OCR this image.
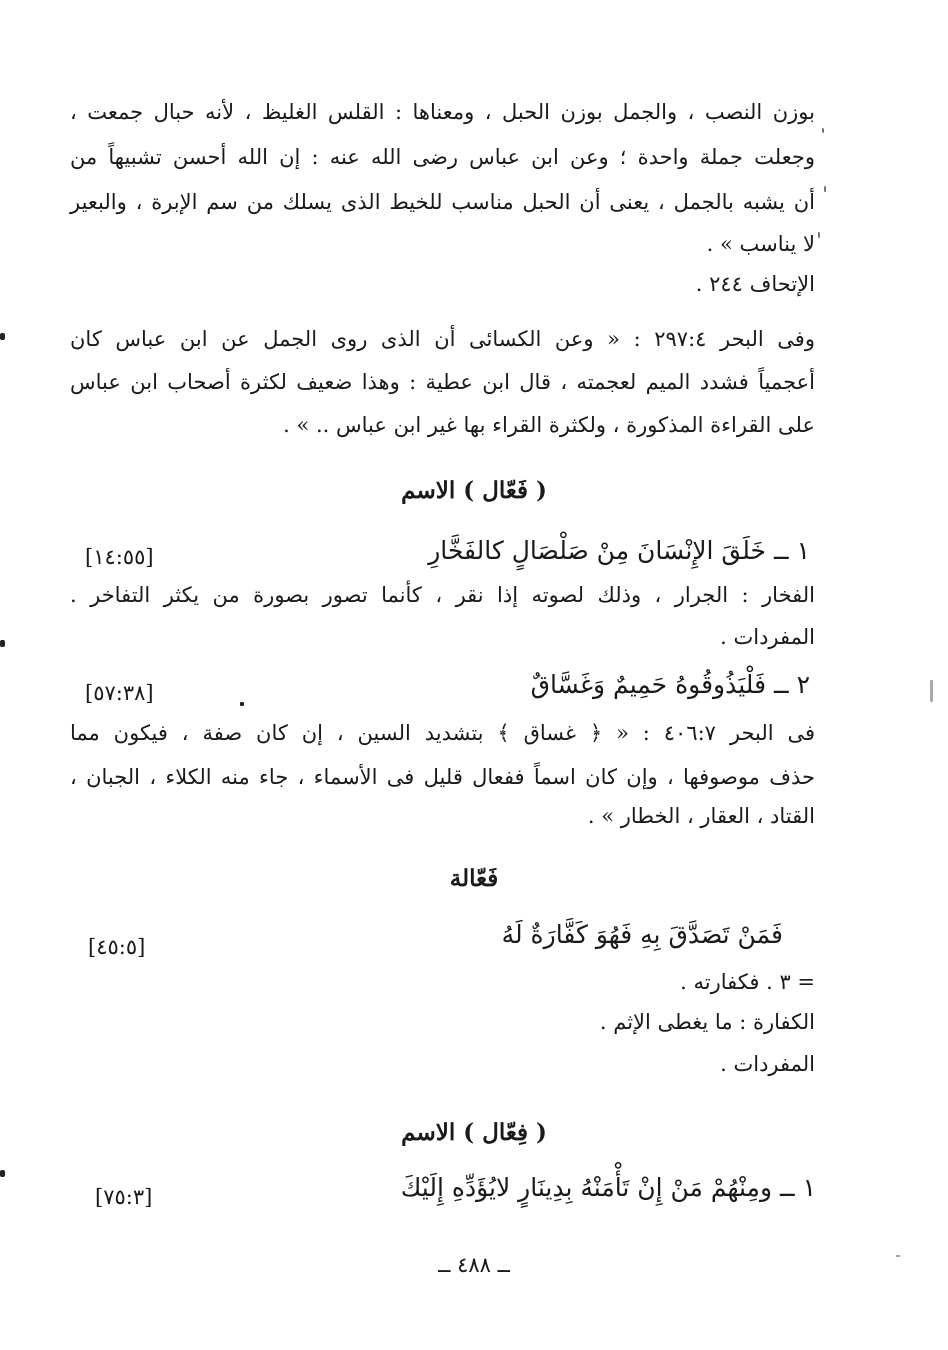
بوزن النصب ، والجمل بوزن الحبل ، ومعناها : القلس الغليظ ، لأنه حبال جمعت ،
وجعلت جملة واحدة ؛ وعن ابن عباس رضى الله عنه : إن الله أحسن تشبيهاً من
أن يشبه بالجمل ، يعنى أن الحبل مناسب للخيط الذى يسلك من سم الإبرة ، والبعير
لا يناسب » .
الإتحاف ٢٤٤ .
وفى البحر ٢٩٧:٤ : « وعن الكسائى أن الذى روى الجمل عن ابن عباس كان
أعجمياً فشدد الميم لعجمته ، قال ابن عطية : وهذا ضعيف لكثرة أصحاب ابن عباس
على القراءة المذكورة ، ولكثرة القراء بها غير ابن عباس .. » .
( فَعّال ) الاسم
١ ــ خَلَقَ الإِنْسَانَ مِنْ صَلْصَالٍ كالفَخَّارِ
[١٤:٥٥]
الفخار : الجرار ، وذلك لصوته إذا نقر ، كأنما تصور بصورة من يكثر التفاخر .
المفردات .
٢ ــ فَلْيَذُوقُوهُ حَمِيمٌ وَغَسَّاقٌ
[٥٧:٣٨]
فى البحر ٤٠٦:٧ : « ﴿ غساق ﴾ بتشديد السين ، إن كان صفة ، فيكون مما
حذف موصوفها ، وإن كان اسماً ففعال قليل فى الأسماء ، جاء منه الكلاء ، الجبان ،
القتاد ، العقار ، الخطار » .
فَعّالة
فَمَنْ تَصَدَّقَ بِهِ فَهُوَ كَفَّارَةٌ لَهُ
[٤٥:٥]
= ٣ . فكفارته .
الكفارة : ما يغطى الإثم .
المفردات .
( فِعّال ) الاسم
١ ــ ومِنْهُمْ مَنْ إِنْ تَأْمَنْهُ بِدِينَارٍ لايُؤَدِّهِ إِلَيْكَ
[٧٥:٣]
ــ ٤٨٨ ــ
